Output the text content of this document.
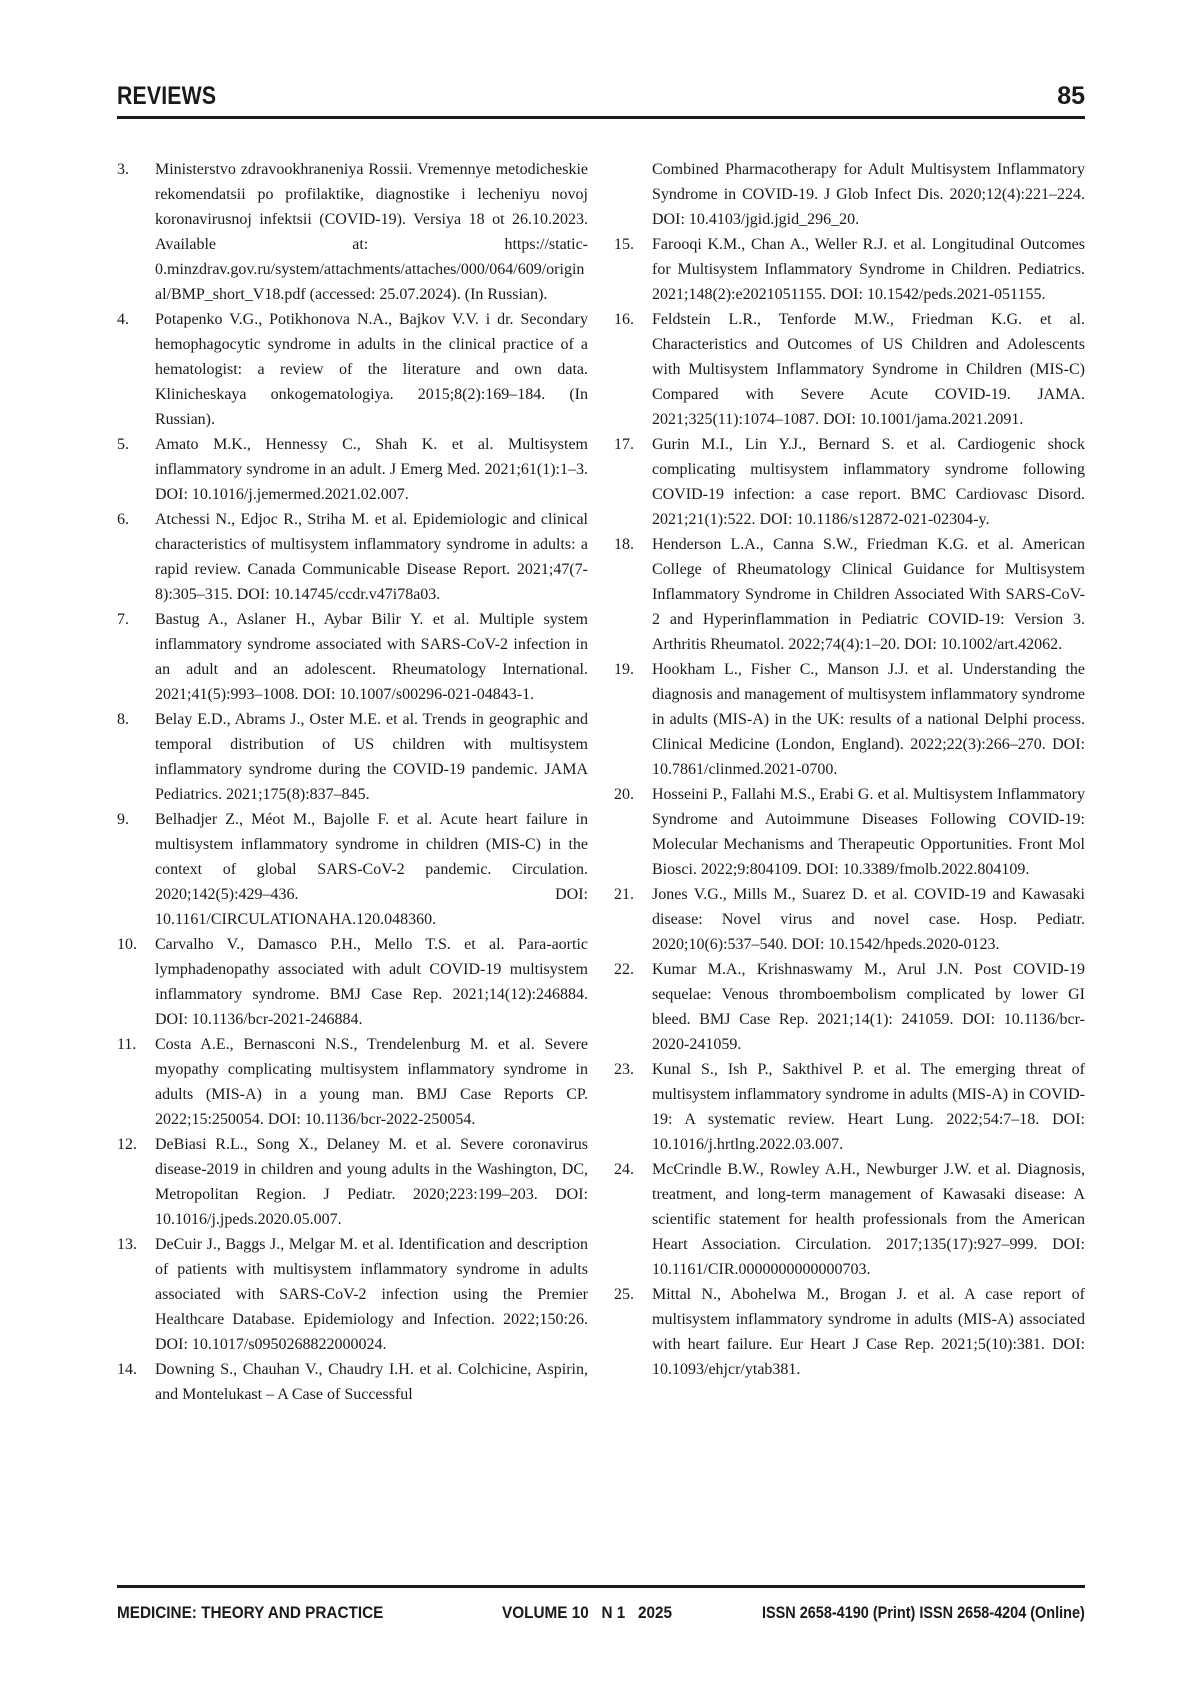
REVIEWS	85
3.	Ministerstvo zdravookhraneniya Rossii. Vremennye metodicheskie rekomendatsii po profilaktike, diagnostike i lecheniyu novoj koronavirusnoj infektsii (COVID-19). Versiya 18 ot 26.10.2023. Available at: https://static-0.minzdrav.gov.ru/system/attachments/attaches/000/064/609/original/BMP_short_V18.pdf (accessed: 25.07.2024). (In Russian).
4.	Potapenko V.G., Potikhonova N.A., Bajkov V.V. i dr. Secondary hemophagocytic syndrome in adults in the clinical practice of a hematologist: a review of the literature and own data. Klinicheskaya onkogematologiya. 2015;8(2):169–184. (In Russian).
5.	Amato M.K., Hennessy C., Shah K. et al. Multisystem inflammatory syndrome in an adult. J Emerg Med. 2021;61(1):1–3. DOI: 10.1016/j.jemermed.2021.02.007.
6.	Atchessi N., Edjoc R., Striha M. et al. Epidemiologic and clinical characteristics of multisystem inflammatory syndrome in adults: a rapid review. Canada Communicable Disease Report. 2021;47(7-8):305–315. DOI: 10.14745/ccdr.v47i78a03.
7.	Bastug A., Aslaner H., Aybar Bilir Y. et al. Multiple system inflammatory syndrome associated with SARS-CoV-2 infection in an adult and an adolescent. Rheumatology International. 2021;41(5):993–1008. DOI: 10.1007/s00296-021-04843-1.
8.	Belay E.D., Abrams J., Oster M.E. et al. Trends in geographic and temporal distribution of US children with multisystem inflammatory syndrome during the COVID-19 pandemic. JAMA Pediatrics. 2021;175(8):837–845.
9.	Belhadjer Z., Méot M., Bajolle F. et al. Acute heart failure in multisystem inflammatory syndrome in children (MIS-C) in the context of global SARS-CoV-2 pandemic. Circulation. 2020;142(5):429–436. DOI: 10.1161/CIRCULATIONAHA.120.048360.
10.	Carvalho V., Damasco P.H., Mello T.S. et al. Para-aortic lymphadenopathy associated with adult COVID-19 multisystem inflammatory syndrome. BMJ Case Rep. 2021;14(12):246884. DOI: 10.1136/bcr-2021-246884.
11.	Costa A.E., Bernasconi N.S., Trendelenburg M. et al. Severe myopathy complicating multisystem inflammatory syndrome in adults (MIS-A) in a young man. BMJ Case Reports CP. 2022;15:250054. DOI: 10.1136/bcr-2022-250054.
12.	DeBiasi R.L., Song X., Delaney M. et al. Severe coronavirus disease-2019 in children and young adults in the Washington, DC, Metropolitan Region. J Pediatr. 2020;223:199–203. DOI: 10.1016/j.jpeds.2020.05.007.
13.	DeCuir J., Baggs J., Melgar M. et al. Identification and description of patients with multisystem inflammatory syndrome in adults associated with SARS-CoV-2 infection using the Premier Healthcare Database. Epidemiology and Infection. 2022;150:26. DOI: 10.1017/s0950268822000024.
14.	Downing S., Chauhan V., Chaudry I.H. et al. Colchicine, Aspirin, and Montelukast – A Case of Successful
Combined Pharmacotherapy for Adult Multisystem Inflammatory Syndrome in COVID-19. J Glob Infect Dis. 2020;12(4):221–224. DOI: 10.4103/jgid.jgid_296_20.
15.	Farooqi K.M., Chan A., Weller R.J. et al. Longitudinal Outcomes for Multisystem Inflammatory Syndrome in Children. Pediatrics. 2021;148(2):e2021051155. DOI: 10.1542/peds.2021-051155.
16.	Feldstein L.R., Tenforde M.W., Friedman K.G. et al. Characteristics and Outcomes of US Children and Adolescents with Multisystem Inflammatory Syndrome in Children (MIS-C) Compared with Severe Acute COVID-19. JAMA. 2021;325(11):1074–1087. DOI: 10.1001/jama.2021.2091.
17.	Gurin M.I., Lin Y.J., Bernard S. et al. Cardiogenic shock complicating multisystem inflammatory syndrome following COVID-19 infection: a case report. BMC Cardiovasc Disord. 2021;21(1):522. DOI: 10.1186/s12872-021-02304-y.
18.	Henderson L.A., Canna S.W., Friedman K.G. et al. American College of Rheumatology Clinical Guidance for Multisystem Inflammatory Syndrome in Children Associated With SARS-CoV-2 and Hyperinflammation in Pediatric COVID-19: Version 3. Arthritis Rheumatol. 2022;74(4):1–20. DOI: 10.1002/art.42062.
19.	Hookham L., Fisher C., Manson J.J. et al. Understanding the diagnosis and management of multisystem inflammatory syndrome in adults (MIS-A) in the UK: results of a national Delphi process. Clinical Medicine (London, England). 2022;22(3):266–270. DOI: 10.7861/clinmed.2021-0700.
20.	Hosseini P., Fallahi M.S., Erabi G. et al. Multisystem Inflammatory Syndrome and Autoimmune Diseases Following COVID-19: Molecular Mechanisms and Therapeutic Opportunities. Front Mol Biosci. 2022;9:804109. DOI: 10.3389/fmolb.2022.804109.
21.	Jones V.G., Mills M., Suarez D. et al. COVID-19 and Kawasaki disease: Novel virus and novel case. Hosp. Pediatr. 2020;10(6):537–540. DOI: 10.1542/hpeds.2020-0123.
22.	Kumar M.A., Krishnaswamy M., Arul J.N. Post COVID-19 sequelae: Venous thromboembolism complicated by lower GI bleed. BMJ Case Rep. 2021;14(1): 241059. DOI: 10.1136/bcr-2020-241059.
23.	Kunal S., Ish P., Sakthivel P. et al. The emerging threat of multisystem inflammatory syndrome in adults (MIS-A) in COVID-19: A systematic review. Heart Lung. 2022;54:7–18. DOI: 10.1016/j.hrtlng.2022.03.007.
24.	McCrindle B.W., Rowley A.H., Newburger J.W. et al. Diagnosis, treatment, and long-term management of Kawasaki disease: A scientific statement for health professionals from the American Heart Association. Circulation. 2017;135(17):927–999. DOI: 10.1161/CIR.0000000000000703.
25.	Mittal N., Abohelwa M., Brogan J. et al. A case report of multisystem inflammatory syndrome in adults (MIS-A) associated with heart failure. Eur Heart J Case Rep. 2021;5(10):381. DOI: 10.1093/ehjcr/ytab381.
MEDICINE: THEORY AND PRACTICE	VOLUME 10   N 1   2025	ISSN 2658-4190 (Print) ISSN 2658-4204 (Online)
